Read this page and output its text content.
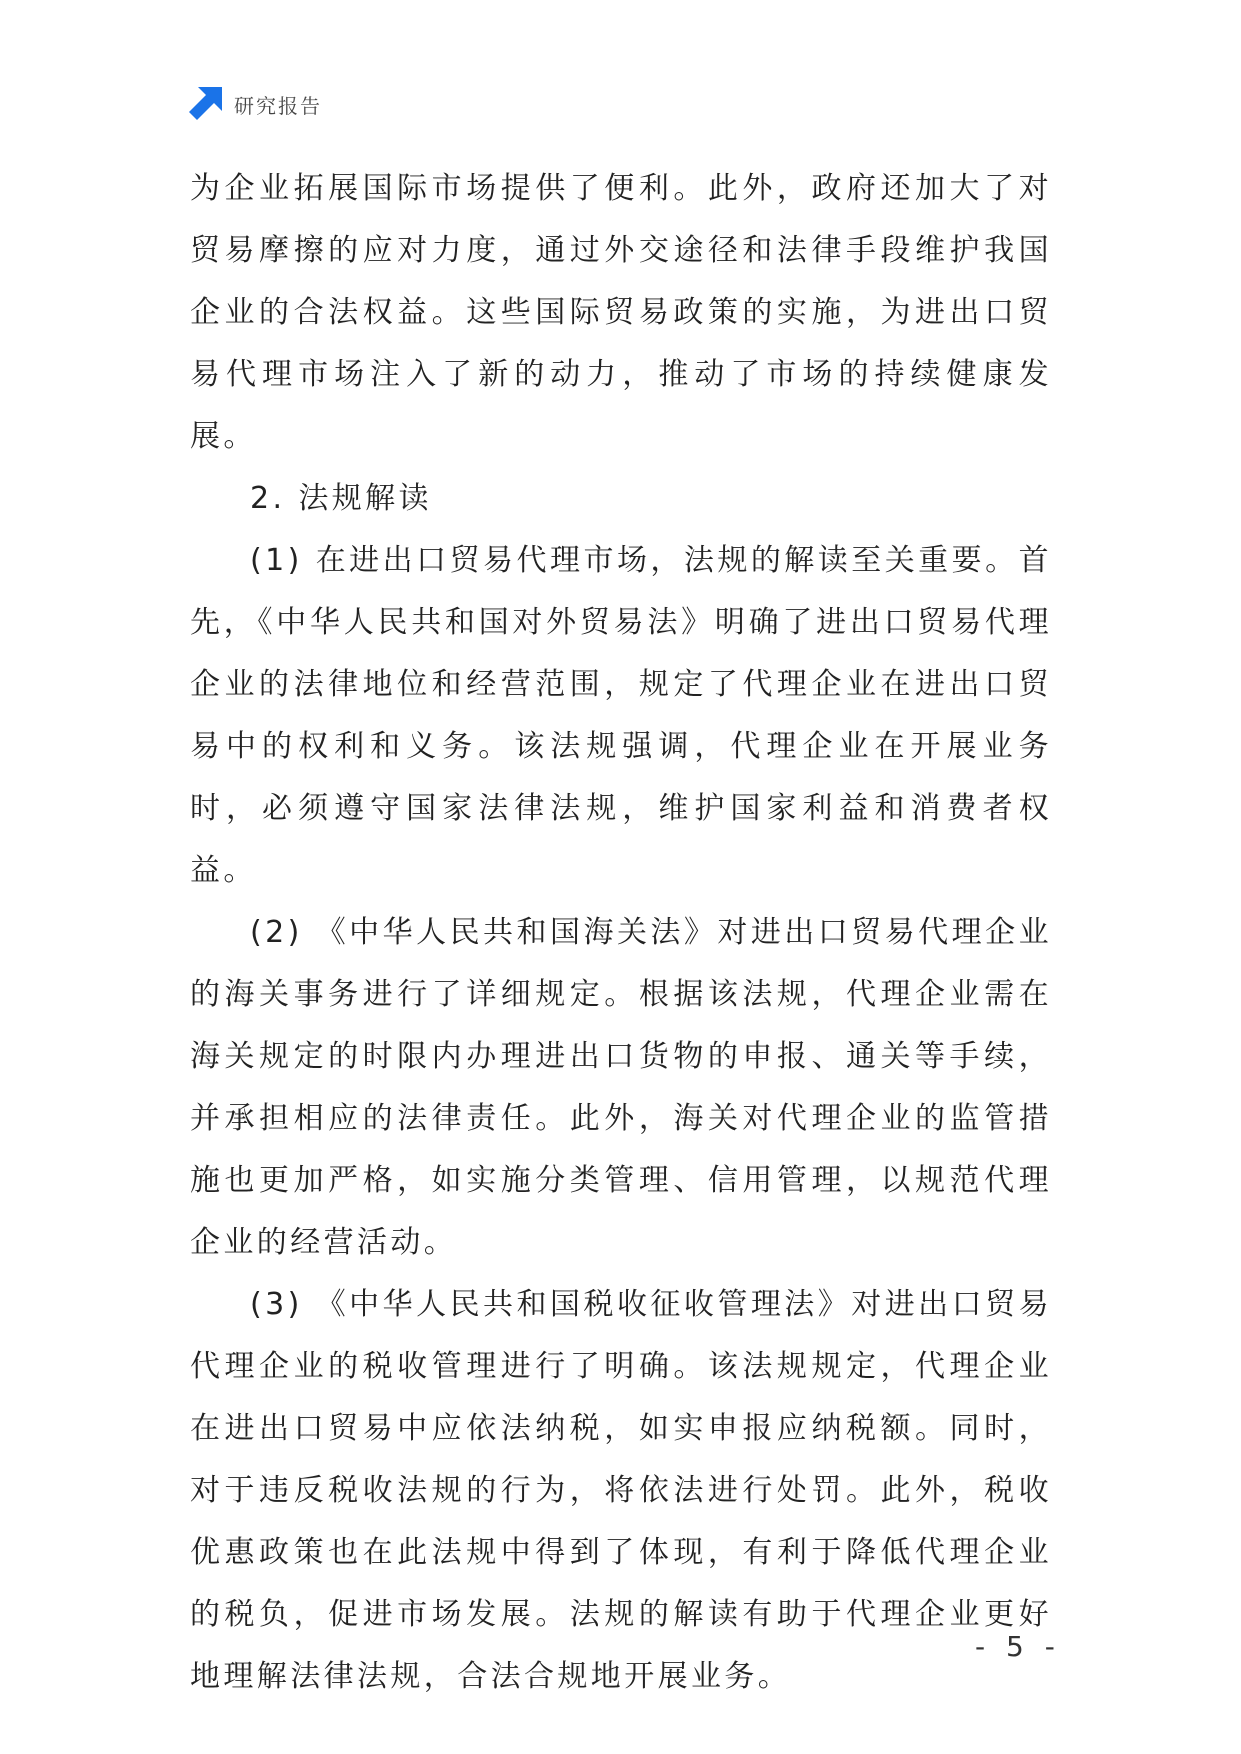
研究报告

为企业拓展国际市场提供了便利。此外，政府还加大了对贸易摩擦的应对力度，通过外交途径和法律手段维护我国企业的合法权益。这些国际贸易政策的实施，为进出口贸易代理市场注入了新的动力，推动了市场的持续健康发展。

2. 法规解读

(1) 在进出口贸易代理市场，法规的解读至关重要。首先，《中华人民共和国对外贸易法》明确了进出口贸易代理企业的法律地位和经营范围，规定了代理企业在进出口贸易中的权利和义务。该法规强调，代理企业在开展业务时，必须遵守国家法律法规，维护国家利益和消费者权益。

(2) 《中华人民共和国海关法》对进出口贸易代理企业的海关事务进行了详细规定。根据该法规，代理企业需在海关规定的时限内办理进出口货物的申报、通关等手续，并承担相应的法律责任。此外，海关对代理企业的监管措施也更加严格，如实施分类管理、信用管理，以规范代理企业的经营活动。

(3) 《中华人民共和国税收征收管理法》对进出口贸易代理企业的税收管理进行了明确。该法规规定，代理企业在进出口贸易中应依法纳税，如实申报应纳税额。同时，对于违反税收法规的行为，将依法进行处罚。此外，税收优惠政策也在此法规中得到了体现，有利于降低代理企业的税负，促进市场发展。法规的解读有助于代理企业更好地理解法律法规，合法合规地开展业务。

- 5 -
